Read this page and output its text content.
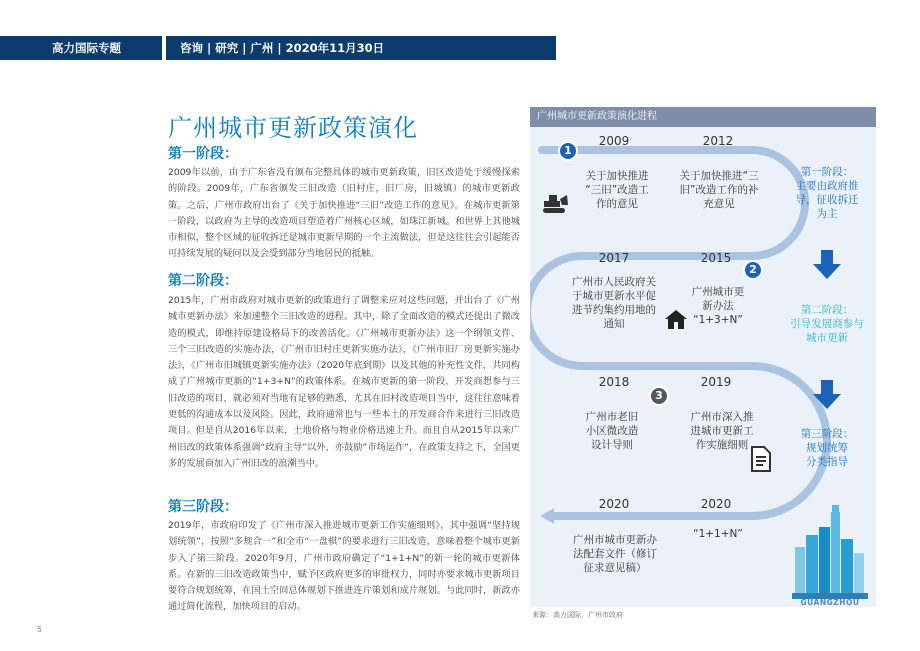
高力国际专题	咨询 | 研究 | 广州 | 2020年11月30日
广州城市更新政策演化
第一阶段：
2009年以前，由于广东省没有颁布完整具体的城市更新政策，旧区改造处于缓慢探索的阶段。2009年，广东省颁发三旧改造（旧村庄，旧厂房，旧城镇）的城市更新政策。之后，广州市政府出台了《关于加快推进“三旧”改造工作的意见》。在城市更新第一阶段，以政府为主导的改造项目塑造着广州核心区域，如珠江新城。和世界上其他城市相似，整个区域的征收拆迁是城市更新早期的一个主流做法，但是这往往会引起能否可持续发展的疑问以及会受到部分当地居民的抵触。
第二阶段：
2015年，广州市政府对城市更新的政策进行了调整来应对这些问题，并出台了《广州城市更新办法》来加速整个三旧改造的进程。其中，除了全面改造的模式还提出了微改造的模式，即维持原建设格局下的改善活化。《广州城市更新办法》这一个纲领文件、三个三旧改造的实施办法，《广州市旧村庄更新实施办法》，《广州市旧厂房更新实施办法》，《广州市旧城镇更新实施办法》（2020年底到期）以及其他的补充性文件，共同构成了广州城市更新的“1+3+N”的政策体系。在城市更新的第一阶段，开发商想参与三旧改造的项目，就必须对当地有足够的熟悉，尤其在旧村改造项目当中，这往往意味着更低的沟通成本以及风险。因此，政府通常也与一些本土的开发商合作来进行三旧改造项目。但是自从2016年以来，土地价格与物业价格迅速上升。而且自从2015年以来广州旧改的政策体系强调“政府主导”以外，亦鼓励“市场运作”，在政策支持之下，全国更多的发展商加入广州旧改的浪潮当中。
第三阶段：
2019年，市政府印发了《广州市深入推进城市更新工作实施细则》，其中强调“坚持规划统领”，按照“多规合一”和全市“一盘棋”的要求进行三旧改造，意味着整个城市更新步入了第三阶段。2020年9月，广州市政府确定了“1+1+N”的新一轮的城市更新体系。在新的三旧改造政策当中，赋予区政府更多的审批权力，同时亦要求城市更新项目要符合规划统筹，在国土空间总体规划下推进连片策划和成片规划。与此同时，新政亦通过简化流程，加快项目的启动。
5
广州城市更新政策演化进程
1
2
3
2009	2012
2017	2015
2018	2019
2020	2020
关于加快推进
“三旧”改造工
作的意见
关于加快推进“三
旧”改造工作的补
充意见
广州市人民政府关
于城市更新水平促
进节约集约用地的
通知
广州城市更
新办法
“1+3+N”
广州市老旧
小区微改造
设计导则
广州市深入推
进城市更新工
作实施细则
广州市城市更新办
法配套文件（修订
征求意见稿）
“1+1+N”
第一阶段：
主要由政府推
导，征收拆迁
为主
第二阶段：
引导发展商参与
城市更新
第三阶段：
规划统筹
分类指导
GUANGZHOU
来源：高力国际，广州市政府
